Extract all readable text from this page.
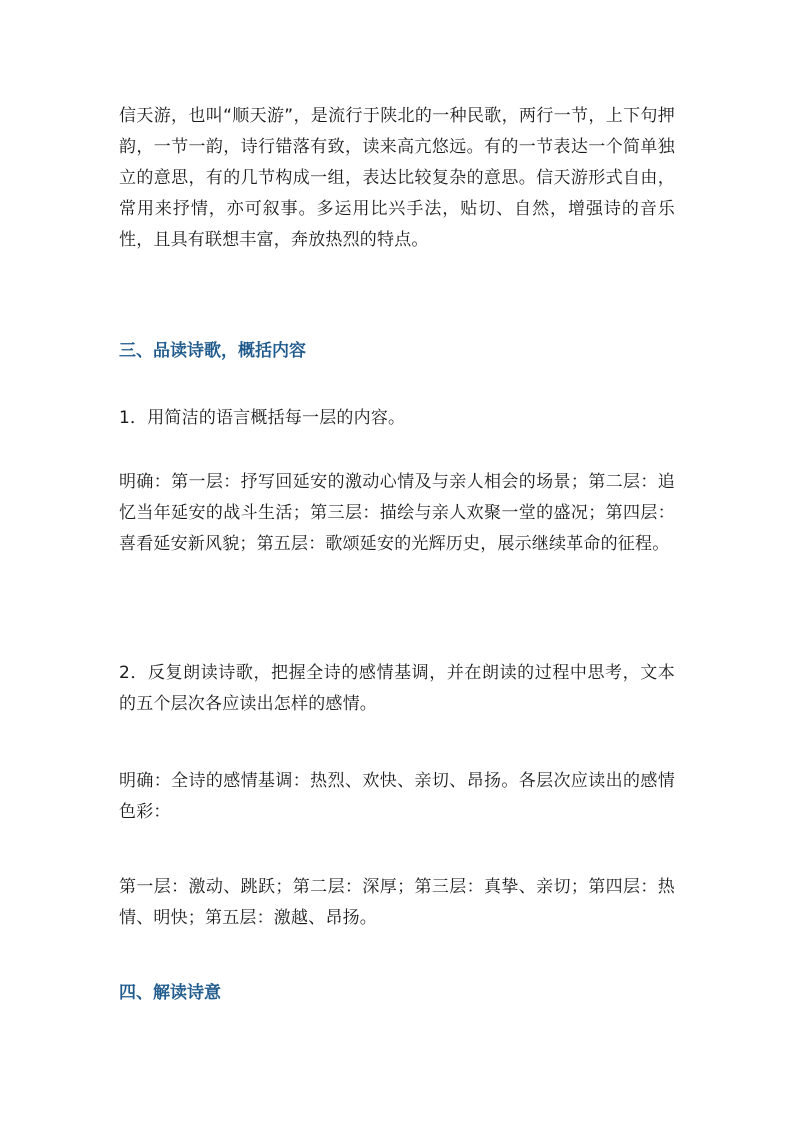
信天游，也叫“顺天游”，是流行于陕北的一种民歌，两行一节，上下句押韵，一节一韵，诗行错落有致，读来高亢悠远。有的一节表达一个简单独立的意思，有的几节构成一组，表达比较复杂的意思。信天游形式自由，常用来抒情，亦可叙事。多运用比兴手法，贴切、自然，增强诗的音乐性，且具有联想丰富，奔放热烈的特点。

三、品读诗歌，概括内容

1．用简洁的语言概括每一层的内容。

明确：第一层：抒写回延安的激动心情及与亲人相会的场景；第二层：追忆当年延安的战斗生活；第三层：描绘与亲人欢聚一堂的盛况；第四层：喜看延安新风貌；第五层：歌颂延安的光辉历史，展示继续革命的征程。

2．反复朗读诗歌，把握全诗的感情基调，并在朗读的过程中思考，文本的五个层次各应读出怎样的感情。

明确：全诗的感情基调：热烈、欢快、亲切、昂扬。各层次应读出的感情色彩：

第一层：激动、跳跃；第二层：深厚；第三层：真挚、亲切；第四层：热情、明快；第五层：激越、昂扬。

四、解读诗意
